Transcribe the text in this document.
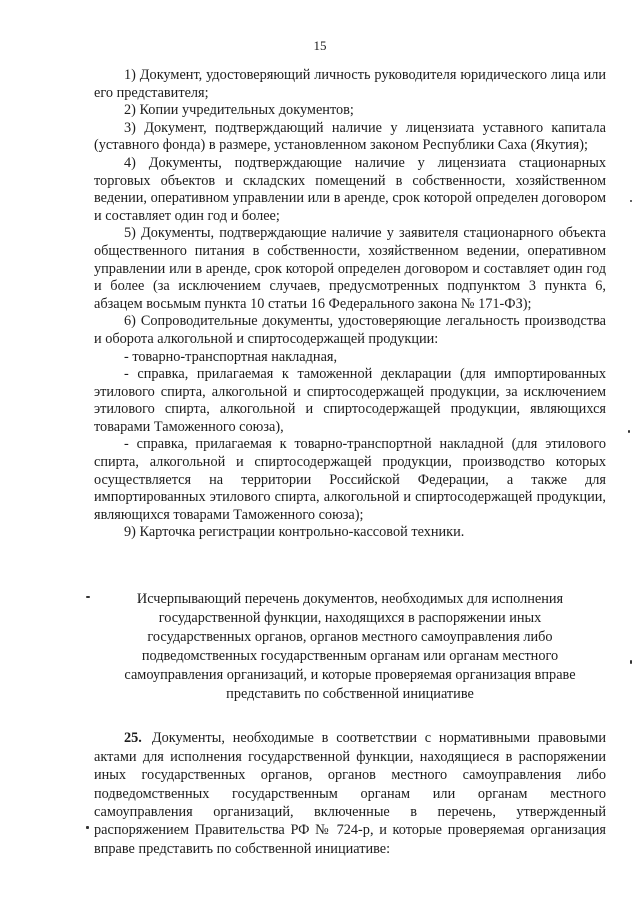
15

1) Документ, удостоверяющий личность руководителя юридического лица или его представителя;

2) Копии учредительных документов;

3) Документ, подтверждающий наличие у лицензиата уставного капитала (уставного фонда) в размере, установленном законом Республики Саха (Якутия);

4) Документы, подтверждающие наличие у лицензиата стационарных торговых объектов и складских помещений в собственности, хозяйственном ведении, оперативном управлении или в аренде, срок которой определен договором и составляет один год и более;

5) Документы, подтверждающие наличие у заявителя стационарного объекта общественного питания в собственности, хозяйственном ведении, оперативном управлении или в аренде, срок которой определен договором и составляет один год и более (за исключением случаев, предусмотренных подпунктом 3 пункта 6, абзацем восьмым пункта 10 статьи 16 Федерального закона № 171-ФЗ);

6) Сопроводительные документы, удостоверяющие легальность производства и оборота алкогольной и спиртосодержащей продукции:

- товарно-транспортная накладная,

- справка, прилагаемая к таможенной декларации (для импортированных этилового спирта, алкогольной и спиртосодержащей продукции, за исключением этилового спирта, алкогольной и спиртосодержащей продукции, являющихся товарами Таможенного союза),

- справка, прилагаемая к товарно-транспортной накладной (для этилового спирта, алкогольной и спиртосодержащей продукции, производство которых осуществляется на территории Российской Федерации, а также для импортированных этилового спирта, алкогольной и спиртосодержащей продукции, являющихся товарами Таможенного союза);

9) Карточка регистрации контрольно-кассовой техники.

Исчерпывающий перечень документов, необходимых для исполнения
государственной функции, находящихся в распоряжении иных
государственных органов, органов местного самоуправления либо
подведомственных государственным органам или органам местного
самоуправления организаций, и которые проверяемая организация вправе
представить по собственной инициативе

25. Документы, необходимые в соответствии с нормативными правовыми актами для исполнения государственной функции, находящиеся в распоряжении иных государственных органов, органов местного самоуправления либо подведомственных государственным органам или органам местного самоуправления организаций, включенные в перечень, утвержденный распоряжением Правительства РФ № 724-р, и которые проверяемая организация вправе представить по собственной инициативе:
